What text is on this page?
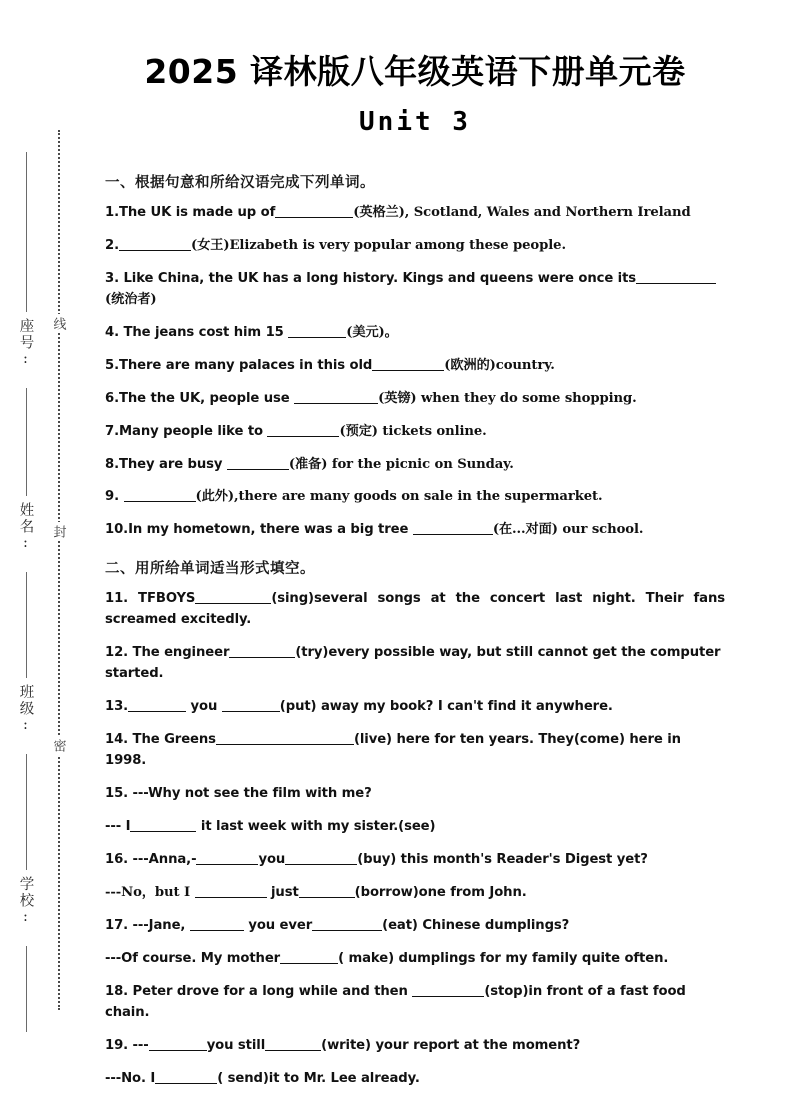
座号:
姓名:
班级:
学校:
线
封
密
2025 译林版八年级英语下册单元卷
Unit 3
一、根据句意和所给汉语完成下列单词。

1.The UK is made up of	(英格兰), Scotland, Wales and Northern Ireland

2.	(女王)Elizabeth is very popular among these people.

3. Like China, the UK has a long history. Kings and queens were once its(统治者)

4. The jeans cost him 15	(美元)。

5.There are many palaces in this old	(欧洲的)country.

6.The the UK, people use	(英镑) when they do some shopping.

7.Many people like to	(预定) tickets online.

8.They are busy	(准备) for the picnic on Sunday.

9.	(此外),there are many goods on sale in the supermarket.

10.In my hometown, there was a big tree	(在...对面) our school.

二、用所给单词适当形式填空。

11. TFBOYS	(sing)several songs at the concert last night. Their fans screamed excitedly.

12. The engineer	(try)every possible way, but still cannot get the computer started.

13.	you	(put) away my book? I can't find it anywhere.

14. The Greens	(live) here for ten years. They(come) here in 1998.

15. ---Why not see the film with me?

--- I	it last week with my sister.(see)

16. ---Anna,-	you	(buy) this month's Reader's Digest yet?

---No，but I	just	(borrow)one from John.

17. ---Jane,	you ever	(eat) Chinese dumplings?

---Of course. My mother	( make) dumplings for my family quite often.

18. Peter drove for a long while and then	(stop)in front of a fast food chain.

19. ---	you still	(write) your report at the moment?

---No. I	( send)it to Mr. Lee already.
